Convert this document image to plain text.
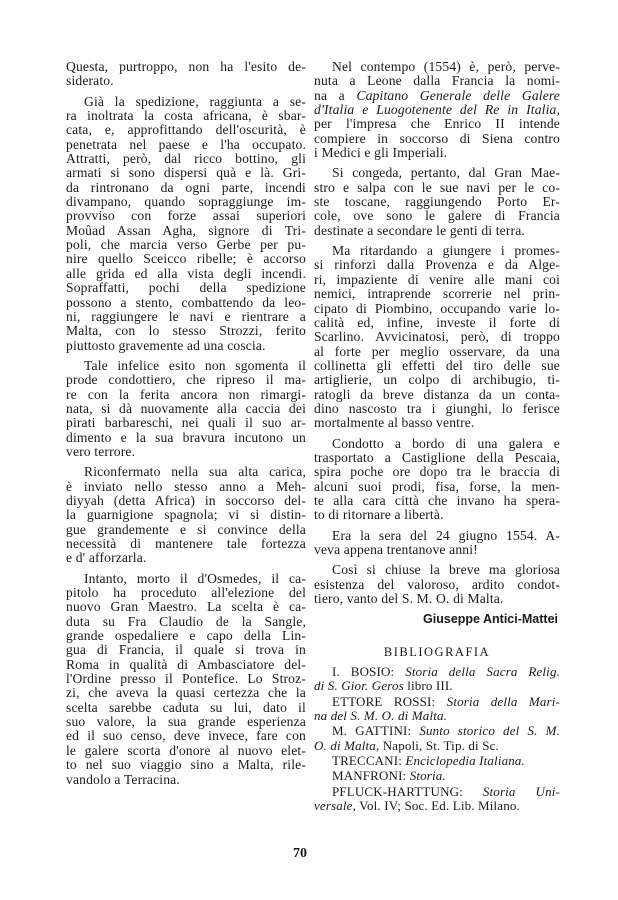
Questa, purtroppo, non ha l'esito de-
siderato.
Già la spedizione, raggiunta a se-
ra inoltrata la costa africana, è sbar-
cata, e, approfittando dell'oscurità, è
penetrata nel paese e l'ha occupato.
Attratti, però, dal ricco bottino, gli
armati si sono dispersi quà e là. Gri-
da rintronano da ogni parte, incendi
divampano, quando sopraggiunge im-
provviso con forze assai superiori
Moûad Assan Agha, signore di Tri-
poli, che marcia verso Gerbe per pu-
nire quello Sceicco ribelle; è accorso
alle grida ed alla vista degli incendi.
Sopraffatti, pochi della spedizione
possono a stento, combattendo da leo-
ni, raggiungere le navi e rientrare a
Malta, con lo stesso Strozzi, ferito
piuttosto gravemente ad una coscia.
Tale infelice esito non sgomenta il
prode condottiero, che ripreso il ma-
re con la ferita ancora non rimargi-
nata, si dà nuovamente alla caccia dei
pirati barbareschi, nei quali il suo ar-
dimento e la sua bravura incutono un
vero terrore.
Riconfermato nella sua alta carica,
è inviato nello stesso anno a Meh-
diyyah (detta Africa) in soccorso del-
la guarnigione spagnola; vi si distin-
gue grandemente e si convince della
necessità di mantenere tale fortezza
e d' afforzarla.
Intanto, morto il d'Osmedes, il ca-
pitolo ha proceduto all'elezione del
nuovo Gran Maestro. La scelta è ca-
duta su Fra Claudio de la Sangle,
grande ospedaliere e capo della Lin-
gua di Francia, il quale si trova in
Roma in qualità di Ambasciatore del-
l'Ordine presso il Pontefice. Lo Stroz-
zi, che aveva la quasi certezza che la
scelta sarebbe caduta su lui, dato il
suo valore, la sua grande esperienza
ed il suo censo, deve invece, fare con
le galere scorta d'onore al nuovo elet-
to nel suo viaggio sino a Malta, rile-
vandolo a Terracina.
Nel contempo (1554) è, però, perve-
nuta a Leone dalla Francia la nomi-
na a Capitano Generale delle Galere
d'Italia e Luogotenente del Re in Italia,
per l'impresa che Enrico II intende
compiere in soccorso di Siena contro
i Medici e gli Imperiali.
Si congeda, pertanto, dal Gran Mae-
stro e salpa con le sue navi per le co-
ste toscane, raggiungendo Porto Er-
cole, ove sono le galere di Francia
destinate a secondare le genti di terra.
Ma ritardando a giungere i promes-
si rinforzi dalla Provenza e da Alge-
ri, impaziente di venire alle mani coi
nemici, intraprende scorrerie nel prin-
cipato di Piombino, occupando varie lo-
calità ed, infine, investe il forte di
Scarlino. Avvicinatosi, però, di troppo
al forte per meglio osservare, da una
collinetta gli effetti del tiro delle sue
artiglierie, un colpo di archibugio, ti-
ratogli da breve distanza da un conta-
dino nascosto tra i giunghi, lo ferisce
mortalmente al basso ventre.
Condotto a bordo di una galera e
trasportato a Castiglione della Pescaia,
spira poche ore dopo tra le braccia di
alcuni suoi prodi, fisa, forse, la men-
te alla cara città che invano ha spera-
to di ritornare a libertà.
Era la sera del 24 giugno 1554. A-
veva appena trentanove anni!
Così si chiuse la breve ma gloriosa
esistenza del valoroso, ardito condot-
tiero, vanto del S. M. O. di Malta.
Giuseppe Antici-Mattei
BIBLIOGRAFIA
I. BOSIO: Storia della Sacra Relig.
di S. Gior. Geros libro III.
ETTORE ROSSI: Storia della Mari-
na del S. M. O. di Malta.
M. GATTINI: Sunto storico del S. M.
O. di Malta, Napoli, St. Tip. di Sc.
TRECCANI: Enciclopedia Italiana.
MANFRONI: Storia.
PFLUCK-HARTTUNG: Storia Uni-
versale, Vol. IV; Soc. Ed. Lib. Milano.
70
